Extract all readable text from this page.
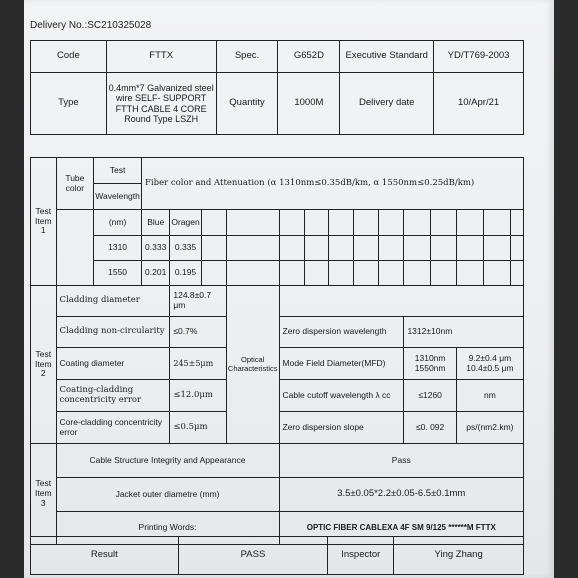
Delivery No.:SC210325028
Code	FTTX	Spec.	G652D	Executive Standard	YD/T769-2003
Type	0.4mm*7 Galvanized steel wire SELF- SUPPORT FTTH CABLE 4 CORE Round Type LSZH	Quantity	1000M	Delivery date	10/Apr/21
Test Item 1	Tube color	Test	Fiber color and Attenuation (α 1310nm≤0.35dB/km, α 1550nm≤0.25dB/km)													
		Wavelength														
		(nm)	Blue	Oragen												
		1310	0.333	0.335												
		1550	0.201	0.195												
Test Item 2	Cladding diameter			124.8±0.7 μm		Optical Characteristics										
	Cladding non-circularity			≤0.7%			Zero dispersion wavelength					1312±10nm				
	Coating diameter			245±5μm			Mode Field Diameter(MFD)					1310nm 1550nm		9.2±0.4 μm 10.4±0.5 μm		
	Coating-cladding concentricity error			≤12.0μm			Cable cutoff wavelength λ cc					≤1260		nm		
	Core-cladding concentricity error			≤0.5μm			Zero dispersion slope					≤0. 092		ps/(nm2.km)		
Test Item 3	Cable Structure Integrity and Appearance						Pass									
	Jacket outer diametre (mm)						3.5±0.05*2.2±0.05-6.5±0.1mm									
	Printing Words:						OPTIC FIBER CABLEXA 4F SM 9/125 ******M FTTX									
Result	PASS	Inspector	Ying Zhang
